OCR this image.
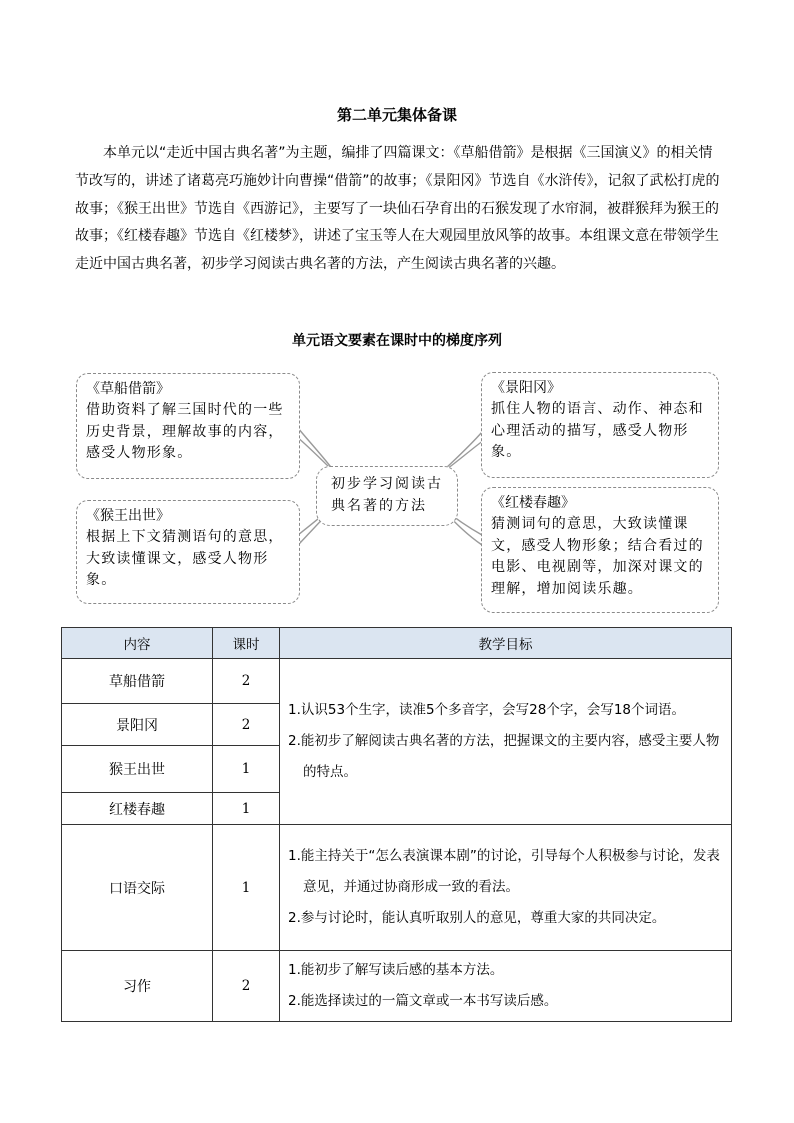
第二单元集体备课

本单元以“走近中国古典名著”为主题，编排了四篇课文：《草船借箭》是根据《三国演义》的相关情节改写的，讲述了诸葛亮巧施妙计向曹操“借箭”的故事；《景阳冈》节选自《水浒传》，记叙了武松打虎的故事；《猴王出世》节选自《西游记》，主要写了一块仙石孕育出的石猴发现了水帘洞，被群猴拜为猴王的故事；《红楼春趣》节选自《红楼梦》，讲述了宝玉等人在大观园里放风筝的故事。本组课文意在带领学生走近中国古典名著，初步学习阅读古典名著的方法，产生阅读古典名著的兴趣。

单元语文要素在课时中的梯度序列
《草船借箭》
借助资料了解三国时代的一些历史背景，理解故事的内容，感受人物形象。
《景阳冈》
抓住人物的语言、动作、神态和心理活动的描写，感受人物形象。
《猴王出世》
根据上下文猜测语句的意思，大致读懂课文，感受人物形象。
《红楼春趣》
猜测词句的意思，大致读懂课文，感受人物形象；结合看过的电影、电视剧等，加深对课文的理解，增加阅读乐趣。
初步学习阅读古典名著的方法
内容	课时	教学目标
草船借箭	2	1.认识53个生字，读准5个多音字，会写28个字，会写18个词语。
2.能初步了解阅读古典名著的方法，把握课文的主要内容，感受主要人物的特点。

景阳冈	2	
猴王出世	1	
红楼春趣	1	
口语交际	1	1.能主持关于“怎么表演课本剧”的讨论，引导每个人积极参与讨论，发表意见，并通过协商形成一致的看法。
2.参与讨论时，能认真听取别人的意见，尊重大家的共同决定。

习作	2	1.能初步了解写读后感的基本方法。
2.能选择读过的一篇文章或一本书写读后感。
